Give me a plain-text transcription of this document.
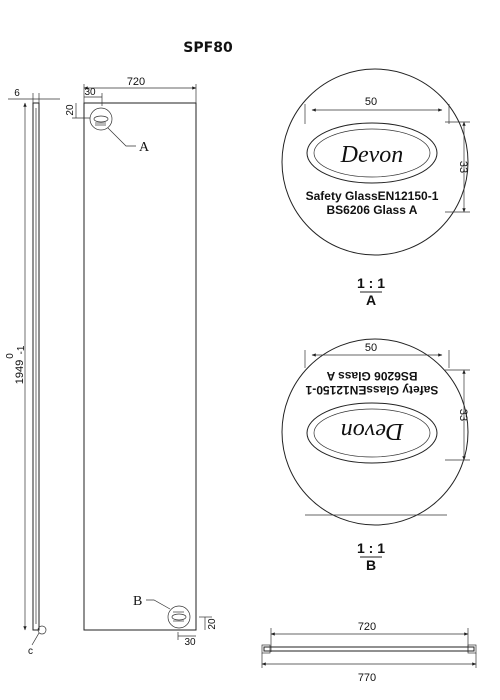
SPF80
6
1949
0
-1
c
720
30
20
A
B
30
20
50
33
Devon
Safety GlassEN12150-1
BS6206 Glass A
1 : 1
A
50
33
Devon
Safety GlassEN12150-1
BS6206 Glass A
1 : 1
B
720
770
